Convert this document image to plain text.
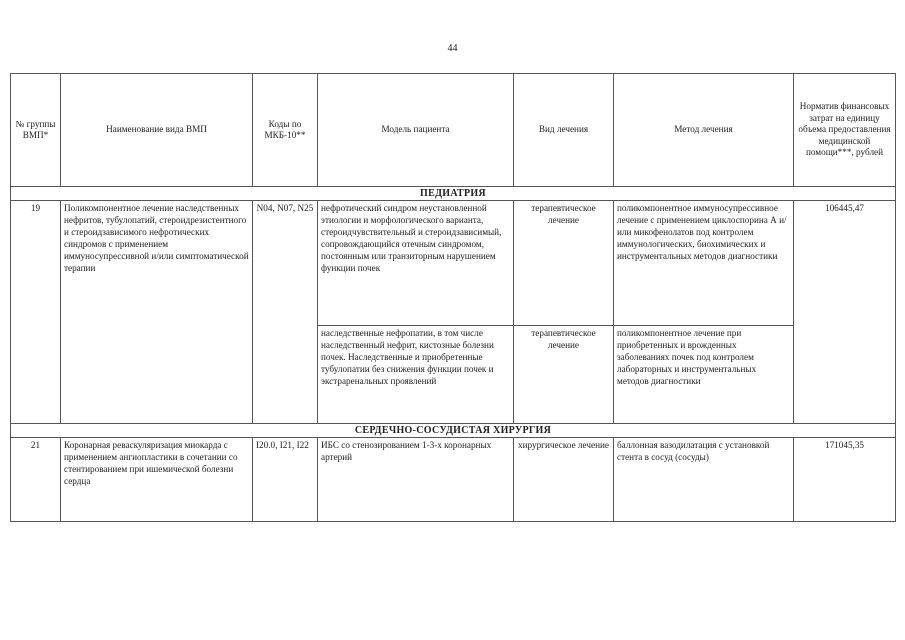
44
№ группы ВМП*	Наименование вида ВМП	Коды по МКБ-10**	Модель пациента	Вид лечения	Метод лечения	Норматив финансовых затрат на единицу объема предоставления медицинской помощи***, рублей
ПЕДИАТРИЯ						
19	Поликомпонентное лечение наследственных нефритов, тубулопатий, стероидрезистентного и стероидзависимого нефротических синдромов с применением иммуносупрессивной и/или симптоматической терапии	N04, N07, N25	нефротический синдром неустановленной этиологии и морфологического варианта, стероидчувствительный и стероидзависимый, сопровождающийся отечным синдромом, постоянным или транзиторным нарушением функции почек	терапевтическое лечение	поликомпонентное иммуносупрессивное лечение с применением циклоспорина А и/или микофенолатов под контролем иммунологических, биохимических и инструментальных методов диагностики	106445,47
			наследственные нефропатии, в том числе наследственный нефрит, кистозные болезни почек. Наследственные и приобретенные тубулопатии без снижения функции почек и экстраренальных проявлений	терапевтическое лечение	поликомпонентное лечение при приобретенных и врожденных заболеваниях почек под контролем лабораторных и инструментальных методов диагностики	
СЕРДЕЧНО-СОСУДИСТАЯ ХИРУРГИЯ						
21	Коронарная реваскуляризация миокарда с применением ангиопластики в сочетании со стентированием при ишемической болезни сердца	I20.0, I21, I22	ИБС со стенозированием 1-3-х коронарных артерий	хирургическое лечение	баллонная вазодилатация с установкой стента в сосуд (сосуды)	171045,35
